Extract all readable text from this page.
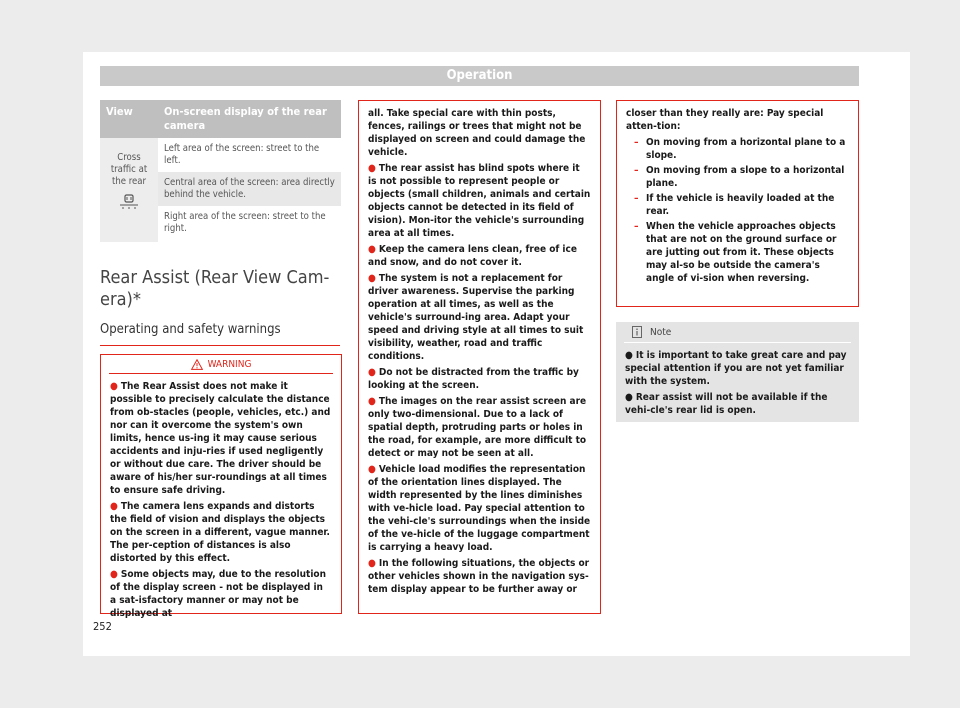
Operation
View	On-screen display of the rear camera
Cross traffic at the rear	Left area of the screen: street to the left.
	Central area of the screen: area directly behind the vehicle.
	Right area of the screen: street to the right.
Rear Assist (Rear View Cam-era)*
Operating and safety warnings
WARNING

● The Rear Assist does not make it possible to precisely calculate the distance from ob-stacles (people, vehicles, etc.) and nor can it overcome the system's own limits, hence us-ing it may cause serious accidents and inju-ries if used negligently or without due care. The driver should be aware of his/her sur-roundings at all times to ensure safe driving.

● The camera lens expands and distorts the field of vision and displays the objects on the screen in a different, vague manner. The per-ception of distances is also distorted by this effect.

● Some objects may, due to the resolution of the display screen - not be displayed in a sat-isfactory manner or may not be displayed at

all. Take special care with thin posts, fences, railings or trees that might not be displayed on screen and could damage the vehicle.

● The rear assist has blind spots where it is not possible to represent people or objects (small children, animals and certain objects cannot be detected in its field of vision). Mon-itor the vehicle's surrounding area at all times.

● Keep the camera lens clean, free of ice and snow, and do not cover it.

● The system is not a replacement for driver awareness. Supervise the parking operation at all times, as well as the vehicle's surround-ing area. Adapt your speed and driving style at all times to suit visibility, weather, road and traffic conditions.

● Do not be distracted from the traffic by looking at the screen.

● The images on the rear assist screen are only two-dimensional. Due to a lack of spatial depth, protruding parts or holes in the road, for example, are more difficult to detect or may not be seen at all.

● Vehicle load modifies the representation of the orientation lines displayed. The width represented by the lines diminishes with ve-hicle load. Pay special attention to the vehi-cle's surroundings when the inside of the ve-hicle of the luggage compartment is carrying a heavy load.

● In the following situations, the objects or other vehicles shown in the navigation sys-tem display appear to be further away or

closer than they really are: Pay special atten-tion:

– On moving from a horizontal plane to a slope.
– On moving from a slope to a horizontal plane.
– If the vehicle is heavily loaded at the rear.
– When the vehicle approaches objects that are not on the ground surface or are jutting out from it. These objects may al-so be outside the camera's angle of vi-sion when reversing.
Note

● It is important to take great care and pay special attention if you are not yet familiar with the system.

● Rear assist will not be available if the vehi-cle's rear lid is open.

252
